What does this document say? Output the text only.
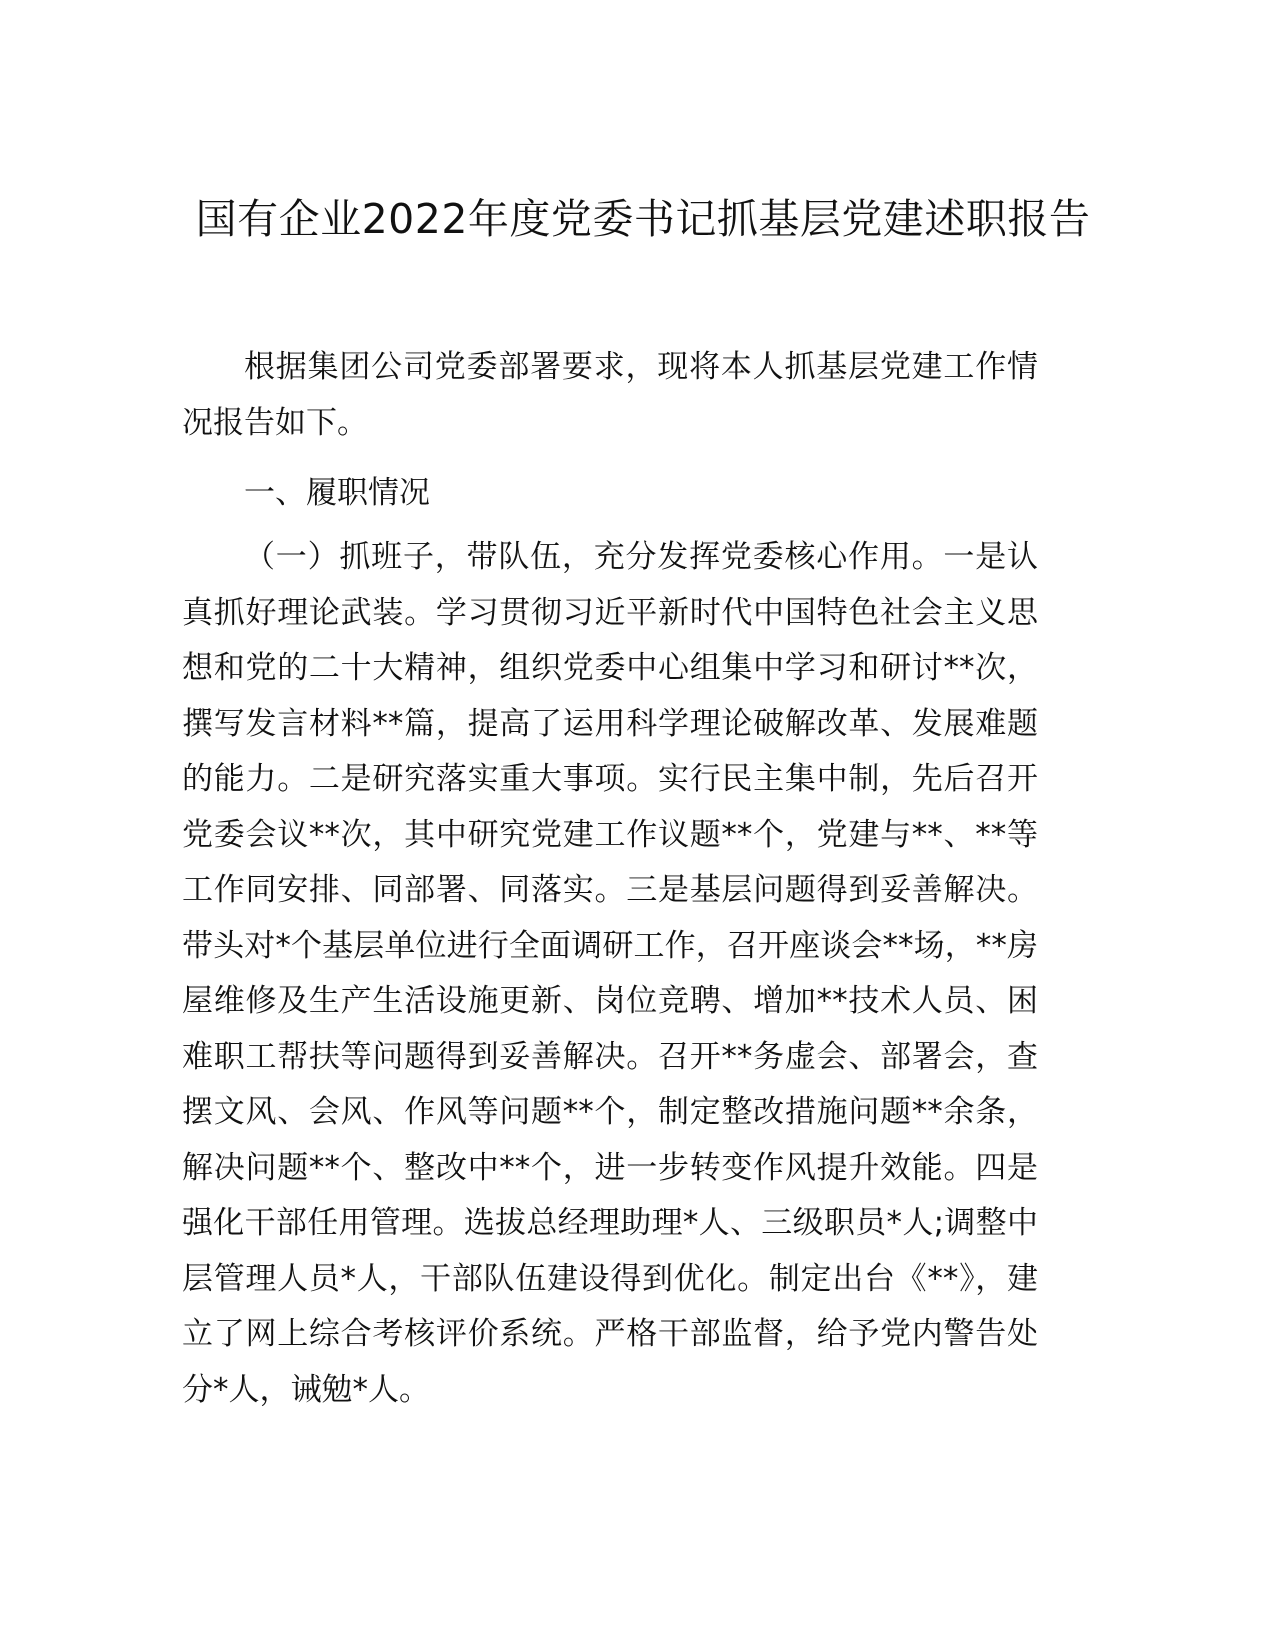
国有企业2022年度党委书记抓基层党建述职报告

根据集团公司党委部署要求，现将本人抓基层党建工作情况报告如下。

一、履职情况

（一）抓班子，带队伍，充分发挥党委核心作用。一是认真抓好理论武装。学习贯彻习近平新时代中国特色社会主义思想和党的二十大精神，组织党委中心组集中学习和研讨**次，撰写发言材料**篇，提高了运用科学理论破解改革、发展难题的能力。二是研究落实重大事项。实行民主集中制，先后召开党委会议**次，其中研究党建工作议题**个，党建与**、**等工作同安排、同部署、同落实。三是基层问题得到妥善解决。带头对*个基层单位进行全面调研工作，召开座谈会**场，**房屋维修及生产生活设施更新、岗位竞聘、增加**技术人员、困难职工帮扶等问题得到妥善解决。召开**务虚会、部署会，查摆文风、会风、作风等问题**个，制定整改措施问题**余条，解决问题**个、整改中**个，进一步转变作风提升效能。四是强化干部任用管理。选拔总经理助理*人、三级职员*人;调整中层管理人员*人，干部队伍建设得到优化。制定出台《**》，建立了网上综合考核评价系统。严格干部监督，给予党内警告处分*人，诫勉*人。
